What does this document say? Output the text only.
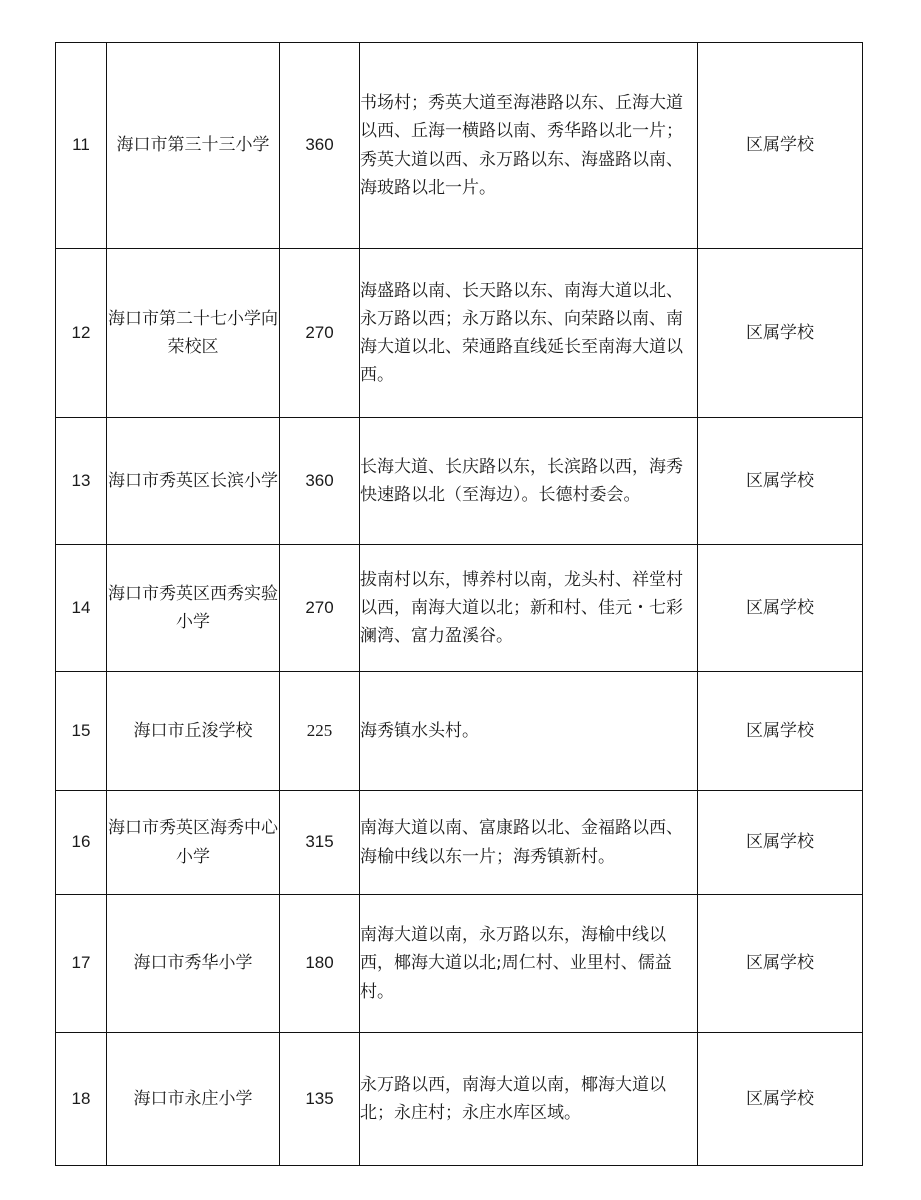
11	海口市第三十三小学	360	书场村；秀英大道至海港路以东、丘海大道以西、丘海一横路以南、秀华路以北一片；秀英大道以西、永万路以东、海盛路以南、海玻路以北一片。	区属学校
12	海口市第二十七小学向荣校区	270	海盛路以南、长天路以东、南海大道以北、永万路以西；永万路以东、向荣路以南、南海大道以北、荣通路直线延长至南海大道以西。	区属学校
13	海口市秀英区长滨小学	360	长海大道、长庆路以东，长滨路以西，海秀快速路以北（至海边）。长德村委会。	区属学校
14	海口市秀英区西秀实验小学	270	拔南村以东，博养村以南，龙头村、祥堂村以西，南海大道以北；新和村、佳元・七彩澜湾、富力盈溪谷。	区属学校
15	海口市丘浚学校	225	海秀镇水头村。	区属学校
16	海口市秀英区海秀中心小学	315	南海大道以南、富康路以北、金福路以西、海榆中线以东一片；海秀镇新村。	区属学校
17	海口市秀华小学	180	南海大道以南，永万路以东，海榆中线以西，椰海大道以北;周仁村、业里村、儒益村。	区属学校
18	海口市永庄小学	135	永万路以西，南海大道以南，椰海大道以北；永庄村；永庄水库区域。	区属学校
